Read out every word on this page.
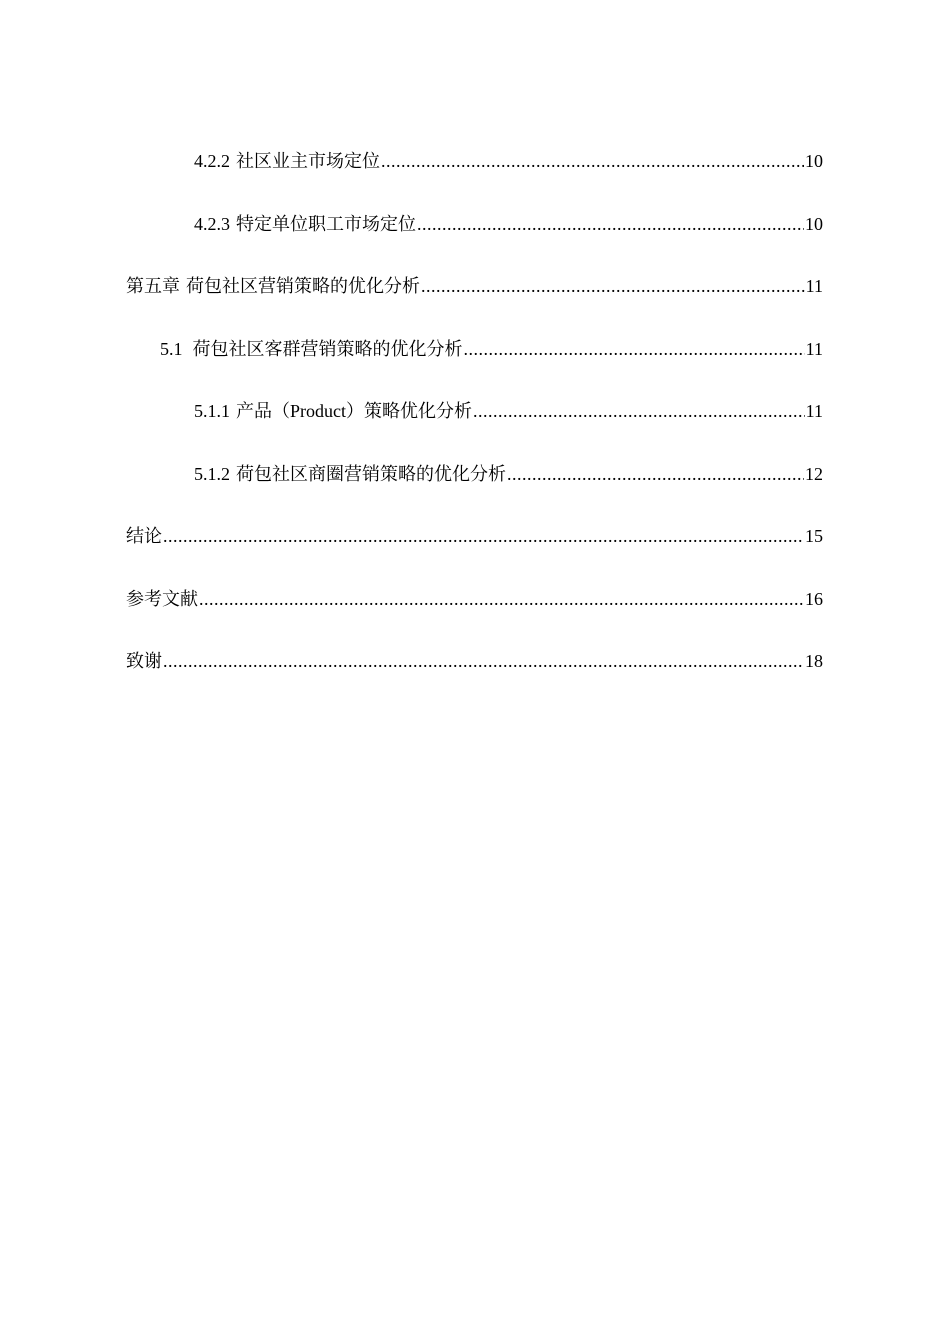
4.2.2 社区业主市场定位 .....	10
4.2.3 特定单位职工市场定位 .....	10
第五章 荷包社区营销策略的优化分析 .....	11
5.1 荷包社区客群营销策略的优化分析 .....	11
5.1.1 产品（Product）策略优化分析 .....	11
5.1.2 荷包社区商圈营销策略的优化分析 .....	12
结论 .....	15
参考文献 .....	16
致谢 .....	18
